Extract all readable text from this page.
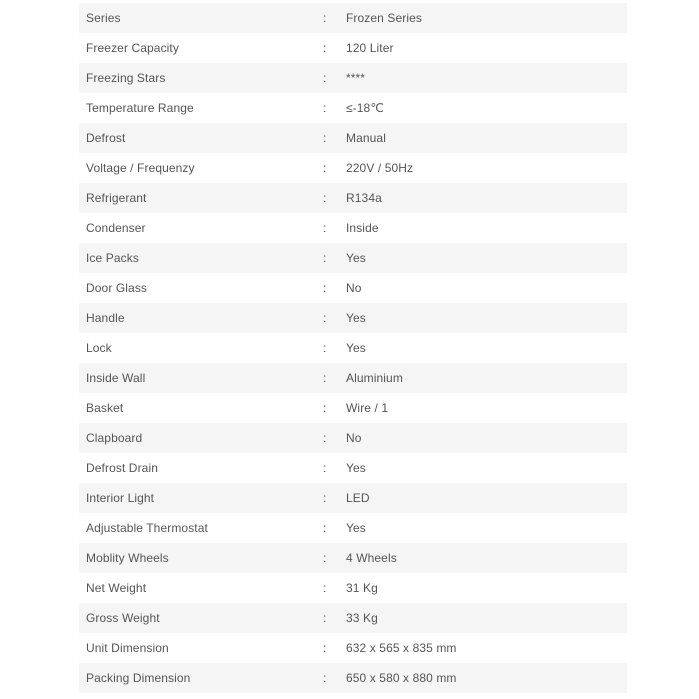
Series	:	Frozen Series
Freezer Capacity	:	120 Liter
Freezing Stars	:	****
Temperature Range	:	≤-18℃
Defrost	:	Manual
Voltage / Frequenzy	:	220V / 50Hz
Refrigerant	:	R134a
Condenser	:	Inside
Ice Packs	:	Yes
Door Glass	:	No
Handle	:	Yes
Lock	:	Yes
Inside Wall	:	Aluminium
Basket	:	Wire / 1
Clapboard	:	No
Defrost Drain	:	Yes
Interior Light	:	LED
Adjustable Thermostat	:	Yes
Moblity Wheels	:	4 Wheels
Net Weight	:	31 Kg
Gross Weight	:	33 Kg
Unit Dimension	:	632 x 565 x 835 mm
Packing Dimension	:	650 x 580 x 880 mm
